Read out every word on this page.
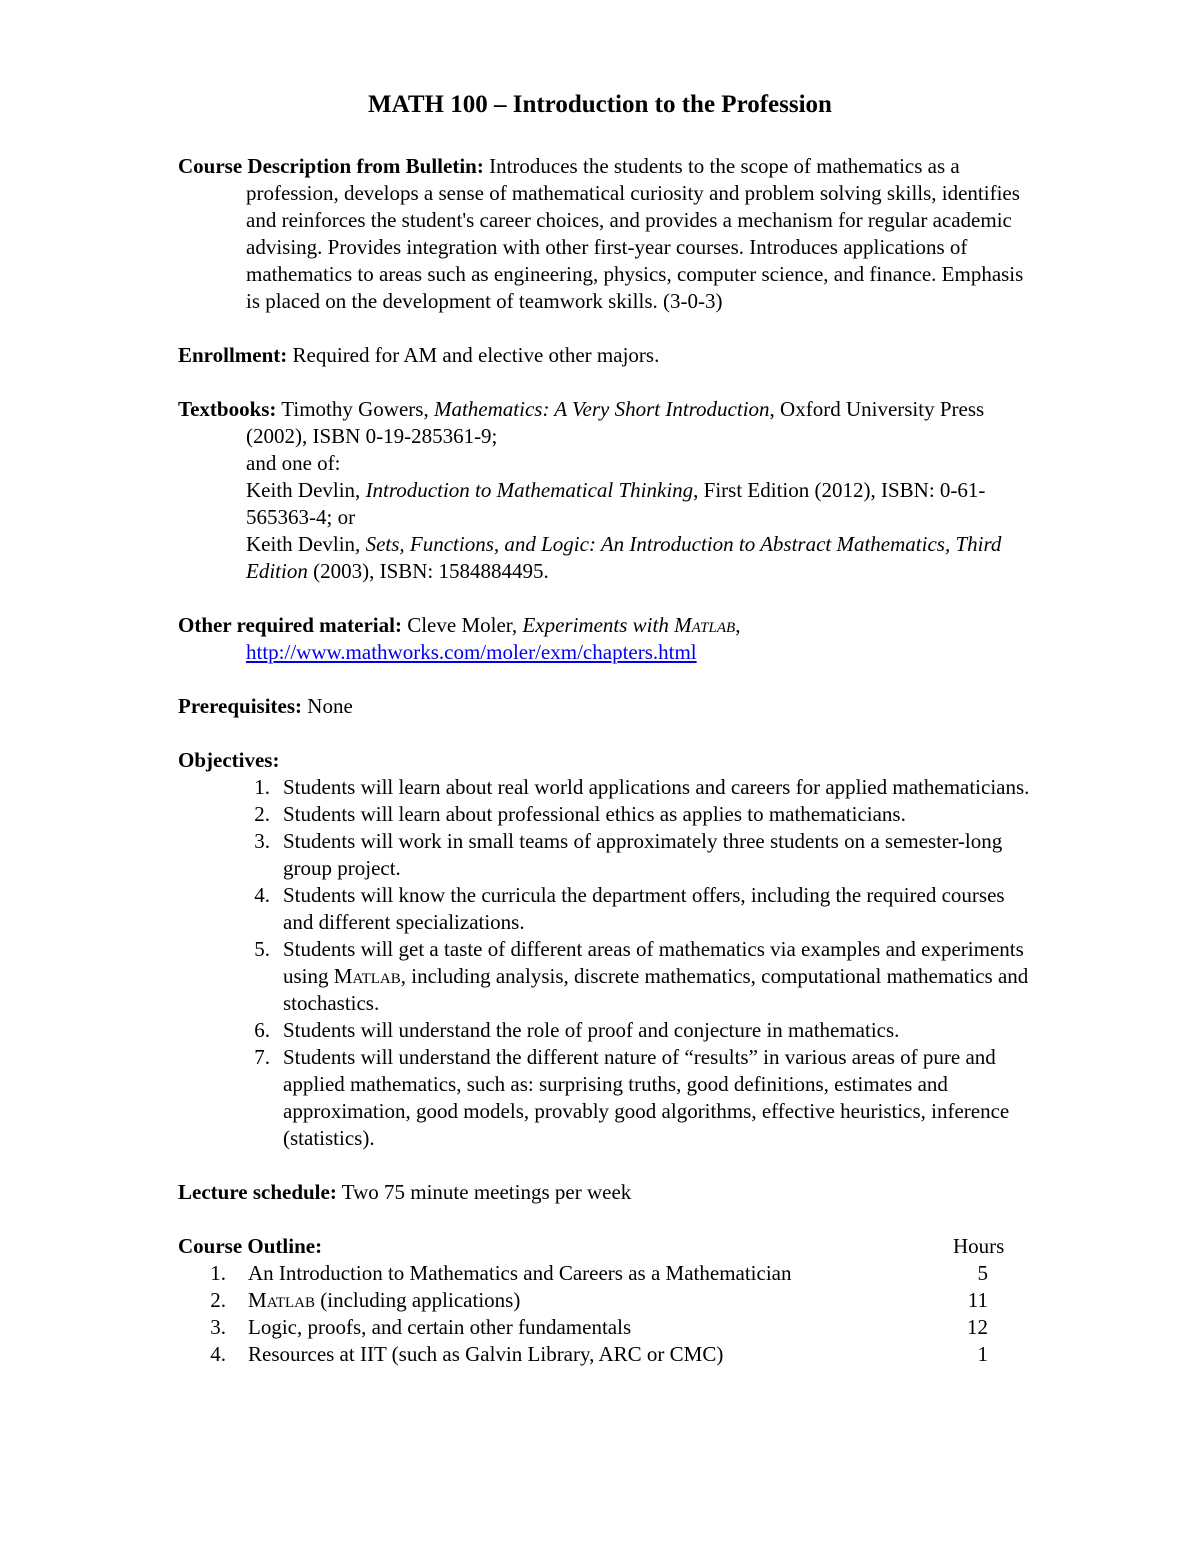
MATH 100 – Introduction to the Profession

Course Description from Bulletin: Introduces the students to the scope of mathematics as a profession, develops a sense of mathematical curiosity and problem solving skills, identifies and reinforces the student's career choices, and provides a mechanism for regular academic advising. Provides integration with other first-year courses. Introduces applications of mathematics to areas such as engineering, physics, computer science, and finance. Emphasis is placed on the development of teamwork skills. (3-0-3)

Enrollment: Required for AM and elective other majors.

Textbooks: Timothy Gowers, Mathematics: A Very Short Introduction, Oxford University Press (2002), ISBN 0-19-285361-9;
and one of:
Keith Devlin, Introduction to Mathematical Thinking, First Edition (2012), ISBN: 0-61-565363-4; or
Keith Devlin, Sets, Functions, and Logic: An Introduction to Abstract Mathematics, Third Edition (2003), ISBN: 1584884495.
Other required material: Cleve Moler, Experiments with Matlab,
http://www.mathworks.com/moler/exm/chapters.html

Prerequisites: None

Objectives:
1. Students will learn about real world applications and careers for applied mathematicians.
2. Students will learn about professional ethics as applies to mathematicians.
3. Students will work in small teams of approximately three students on a semester-long group project.
4. Students will know the curricula the department offers, including the required courses and different specializations.
5. Students will get a taste of different areas of mathematics via examples and experiments using Matlab, including analysis, discrete mathematics, computational mathematics and stochastics.
6. Students will understand the role of proof and conjecture in mathematics.
7. Students will understand the different nature of “results” in various areas of pure and applied mathematics, such as: surprising truths, good definitions, estimates and approximation, good models, provably good algorithms, effective heuristics, inference (statistics).

Lecture schedule: Two 75 minute meetings per week

Course Outline:	Hours
1. An Introduction to Mathematics and Careers as a Mathematician	5
2. Matlab (including applications)	11
3. Logic, proofs, and certain other fundamentals	12
4. Resources at IIT (such as Galvin Library, ARC or CMC)	1
